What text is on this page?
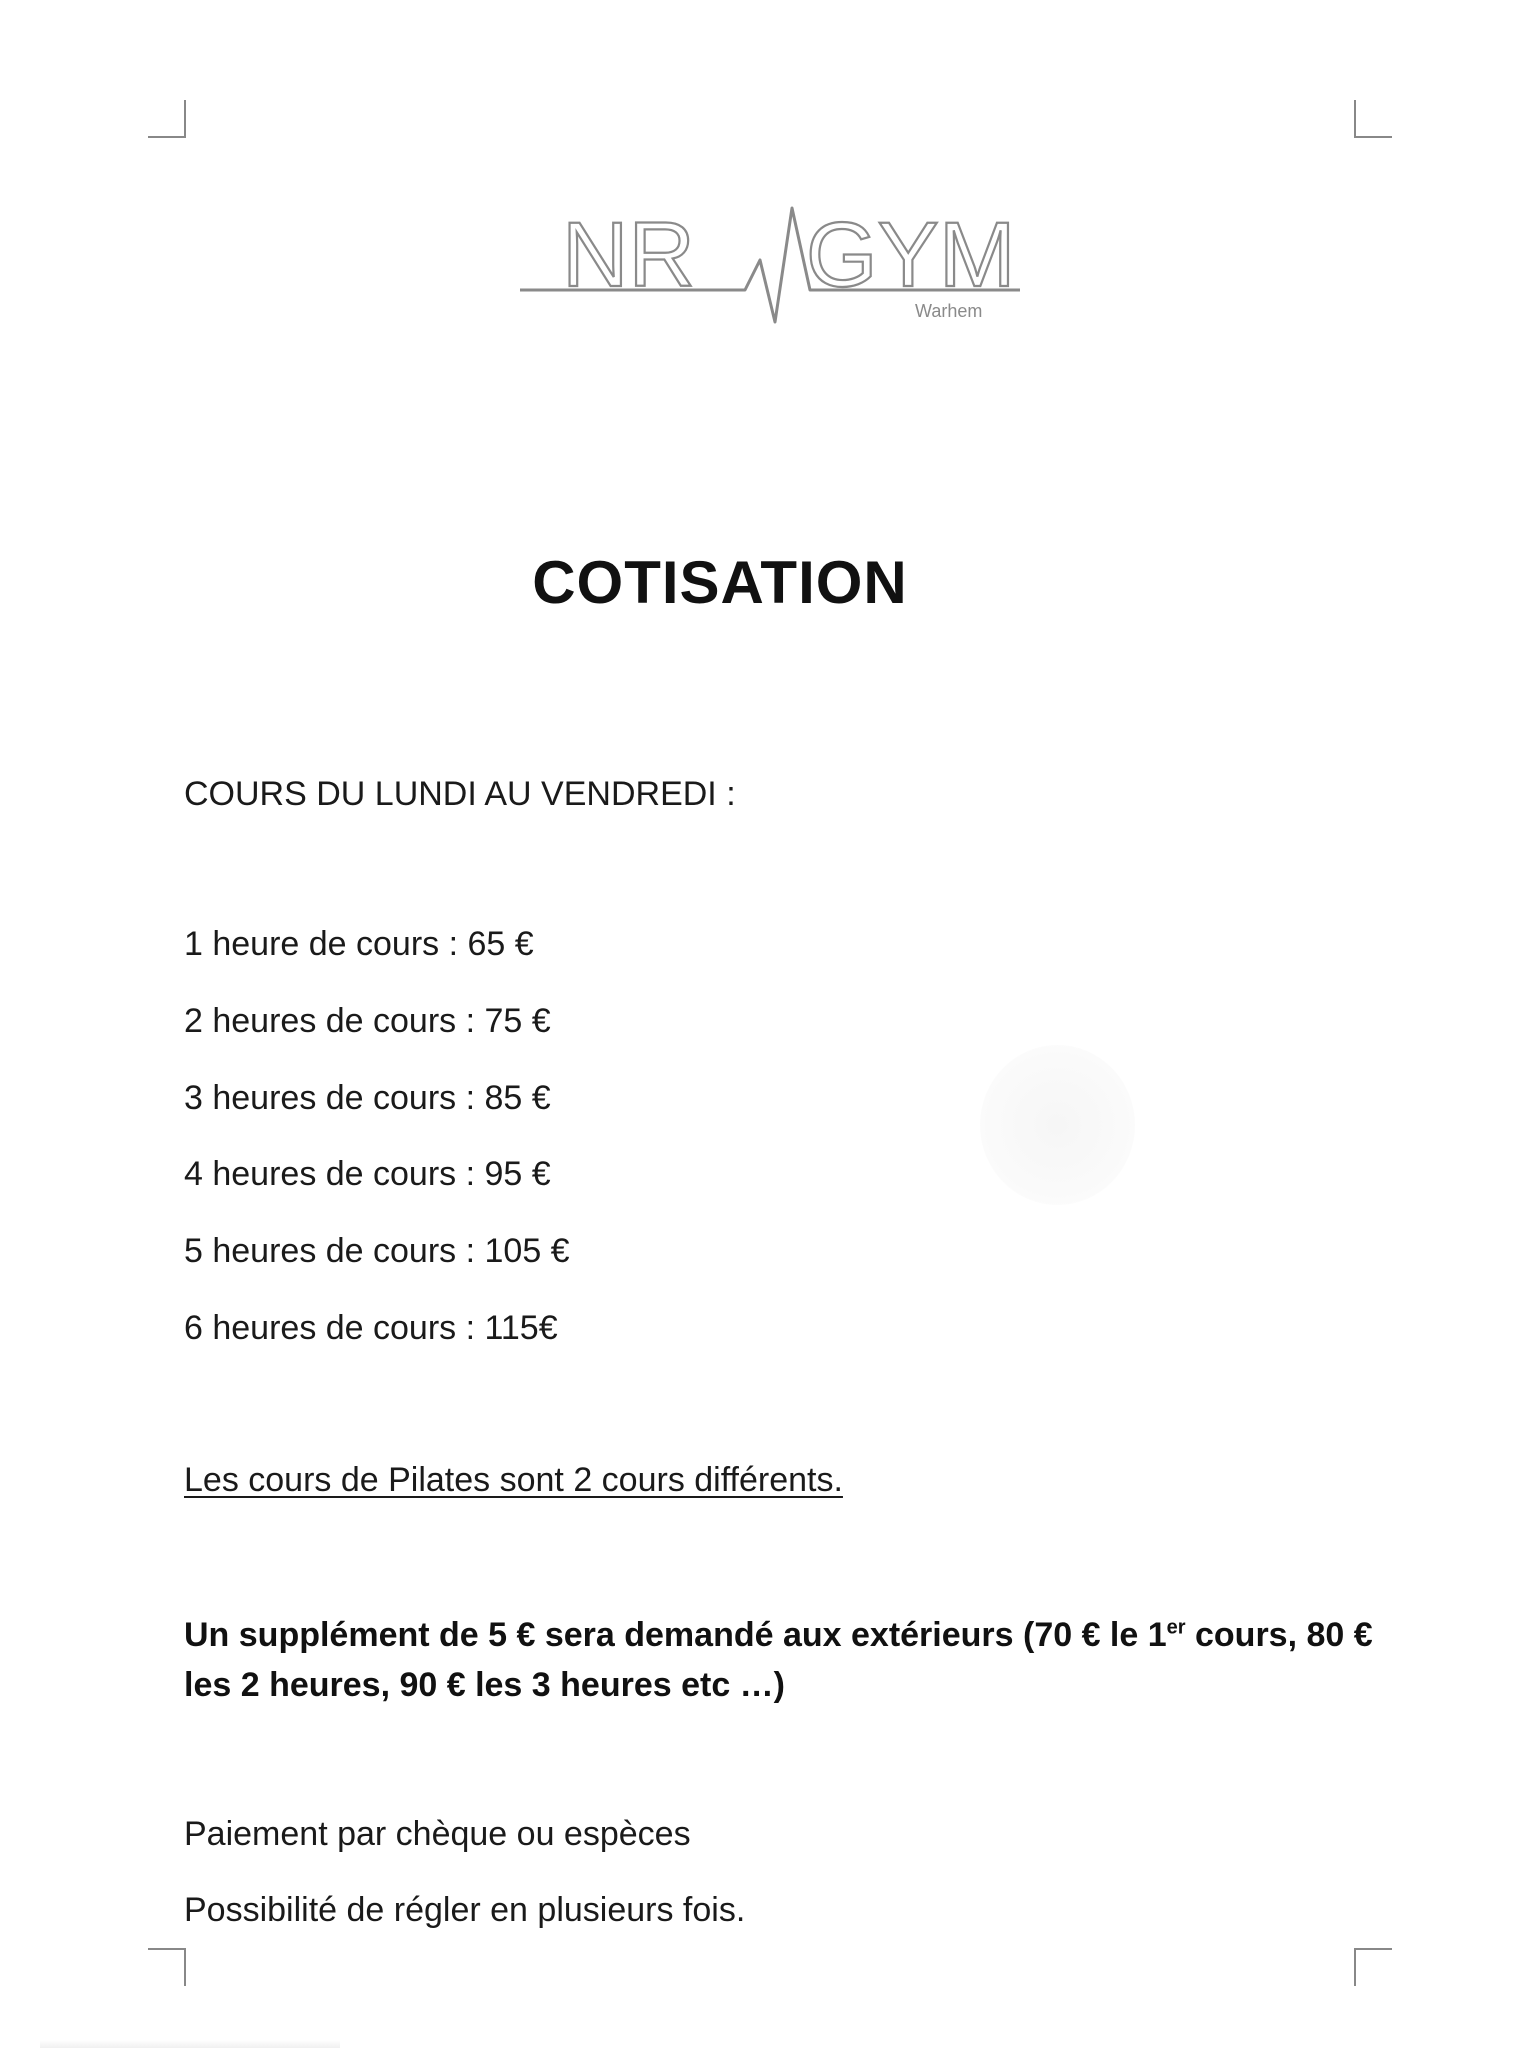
NR GYM
Warhem
COTISATION
COURS DU LUNDI AU VENDREDI :
1 heure de cours : 65 €
2 heures de cours : 75 €
3 heures de cours : 85 €
4 heures de cours : 95 €
5 heures de cours : 105 €
6 heures de cours : 115€
Les cours de Pilates sont 2 cours différents.
Un supplément de 5 € sera demandé aux extérieurs (70 € le 1er cours, 80 € les 2 heures, 90 € les 3 heures etc …)
Paiement par chèque ou espèces
Possibilité de régler en plusieurs fois.
